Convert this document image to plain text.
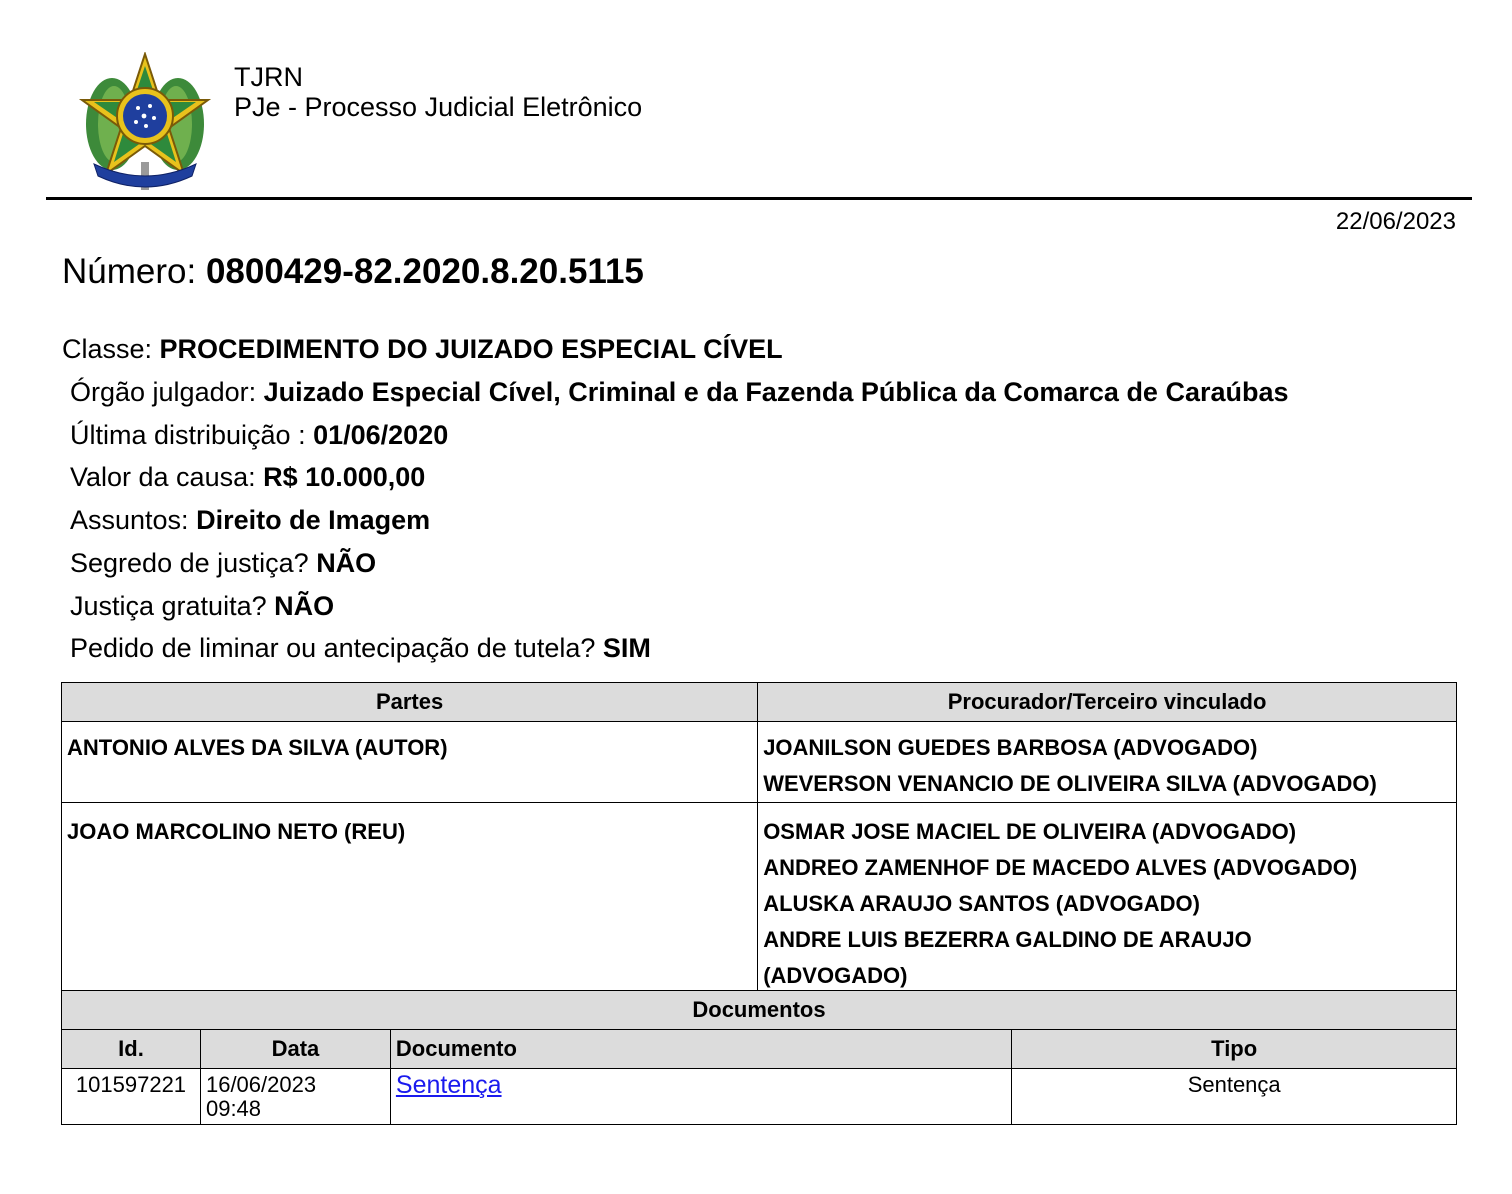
TJRN
PJe - Processo Judicial Eletrônico
22/06/2023
Número: 0800429-82.2020.8.20.5115
Classe: PROCEDIMENTO DO JUIZADO ESPECIAL CÍVEL
Órgão julgador: Juizado Especial Cível, Criminal e da Fazenda Pública da Comarca de Caraúbas
Última distribuição : 01/06/2020
Valor da causa: R$ 10.000,00
Assuntos: Direito de Imagem
Segredo de justiça? NÃO
Justiça gratuita? NÃO
Pedido de liminar ou antecipação de tutela? SIM
Partes	Procurador/Terceiro vinculado

ANTONIO ALVES DA SILVA (AUTOR)	JOANILSON GUEDES BARBOSA (ADVOGADO)
WEVERSON VENANCIO DE OLIVEIRA SILVA (ADVOGADO)

JOAO MARCOLINO NETO (REU)	OSMAR JOSE MACIEL DE OLIVEIRA (ADVOGADO)
ANDREO ZAMENHOF DE MACEDO ALVES (ADVOGADO)
ALUSKA ARAUJO SANTOS (ADVOGADO)
ANDRE LUIS BEZERRA GALDINO DE ARAUJO (ADVOGADO)
Documentos			
Id.	Data	Documento	Tipo
101597221	16/06/2023 09:48	Sentença	Sentença
